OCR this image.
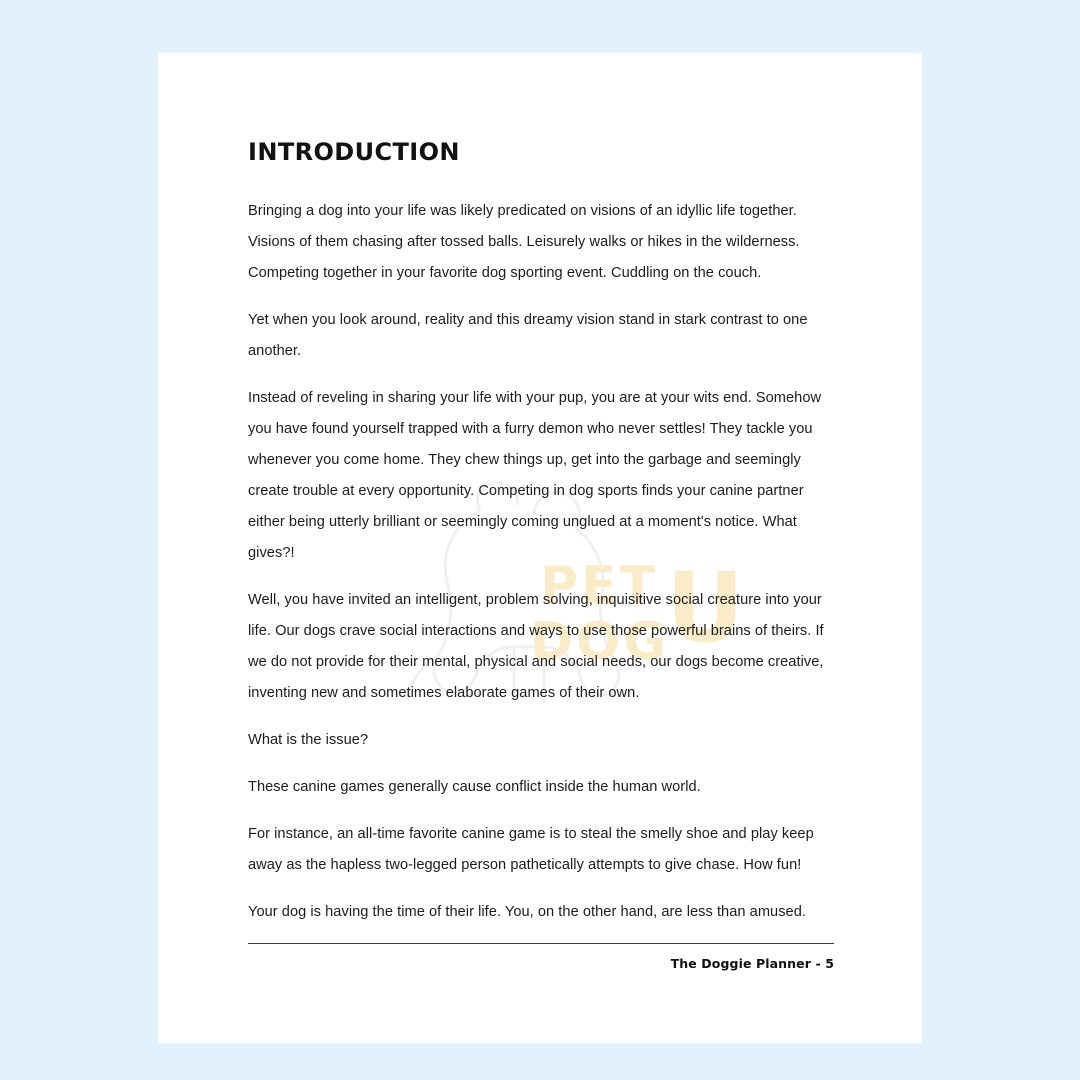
PET
DOG
U
INTRODUCTION

Bringing a dog into your life was likely predicated on visions of an idyllic life together. Visions of them chasing after tossed balls. Leisurely walks or hikes in the wilderness. Competing together in your favorite dog sporting event. Cuddling on the couch.

Yet when you look around, reality and this dreamy vision stand in stark contrast to one another.

Instead of reveling in sharing your life with your pup, you are at your wits end. Somehow you have found yourself trapped with a furry demon who never settles! They tackle you whenever you come home. They chew things up, get into the garbage and seemingly create trouble at every opportunity. Competing in dog sports finds your canine partner either being utterly brilliant or seemingly coming unglued at a moment's notice. What gives?!

Well, you have invited an intelligent, problem solving, inquisitive social creature into your life. Our dogs crave social interactions and ways to use those powerful brains of theirs. If we do not provide for their mental, physical and social needs, our dogs become creative, inventing new and sometimes elaborate games of their own.

What is the issue?

These canine games generally cause conflict inside the human world.

For instance, an all-time favorite canine game is to steal the smelly shoe and play keep away as the hapless two-legged person pathetically attempts to give chase. How fun!

Your dog is having the time of their life. You, on the other hand, are less than amused.

The Doggie Planner - 5
